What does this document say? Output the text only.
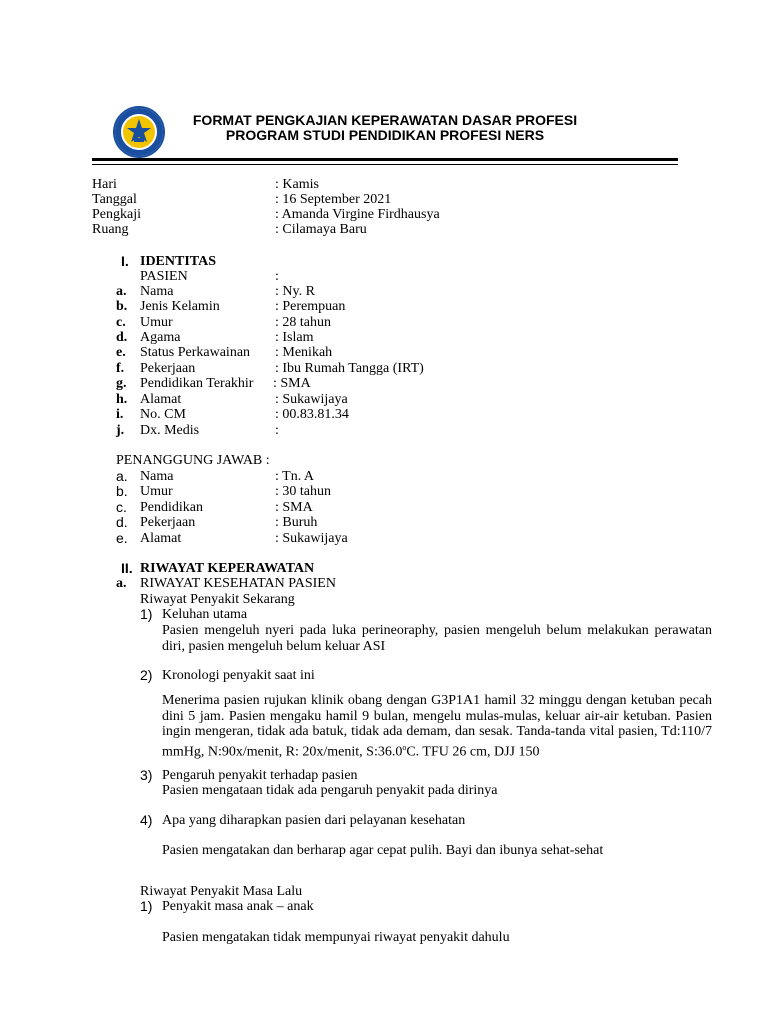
FORMAT PENGKAJIAN KEPERAWATAN DASAR PROFESI
PROGRAM STUDI PENDIDIKAN PROFESI NERS
Hari	: Kamis
Tanggal	: 16 September 2021
Pengkaji	: Amanda Virgine Firdhausya
Ruang	: Cilamaya Baru
I. IDENTITAS
PASIEN	:
a. Nama	: Ny. R
b. Jenis Kelamin	: Perempuan
c. Umur	: 28 tahun
d. Agama	: Islam
e. Status Perkawainan : Menikah
f. Pekerjaan	: Ibu Rumah Tangga (IRT)
g. Pendidikan Terakhir : SMA
h. Alamat	: Sukawijaya
i. No. CM	: 00.83.81.34
j. Dx. Medis	:
PENANGGUNG JAWAB :
a. Nama	: Tn. A
b. Umur	: 30 tahun
c. Pendidikan	: SMA
d. Pekerjaan	: Buruh
e. Alamat	: Sukawijaya
II. RIWAYAT KEPERAWATAN
a. RIWAYAT KESEHATAN PASIEN
Riwayat Penyakit Sekarang
1) Keluhan utama
Pasien mengeluh nyeri pada luka perineoraphy, pasien mengeluh belum melakukan perawatan diri, pasien mengeluh belum keluar ASI
2) Kronologi penyakit saat ini
Menerima pasien rujukan klinik obang dengan G3P1A1 hamil 32 minggu dengan ketuban pecah dini 5 jam. Pasien mengaku hamil 9 bulan, mengelu mulas-mulas, keluar air-air ketuban. Pasien ingin mengeran, tidak ada batuk, tidak ada demam, dan sesak. Tanda-tanda vital pasien, Td:110/7 mmHg, N:90x/menit, R: 20x/menit, S:36.0$^o$C. TFU 26 cm, DJJ 150
3) Pengaruh penyakit terhadap pasien
Pasien mengataan tidak ada pengaruh penyakit pada dirinya
4) Apa yang diharapkan pasien dari pelayanan kesehatan
Pasien mengatakan dan berharap agar cepat pulih. Bayi dan ibunya sehat-sehat
Riwayat Penyakit Masa Lalu
1) Penyakit masa anak – anak
Pasien mengatakan tidak mempunyai riwayat penyakit dahulu
